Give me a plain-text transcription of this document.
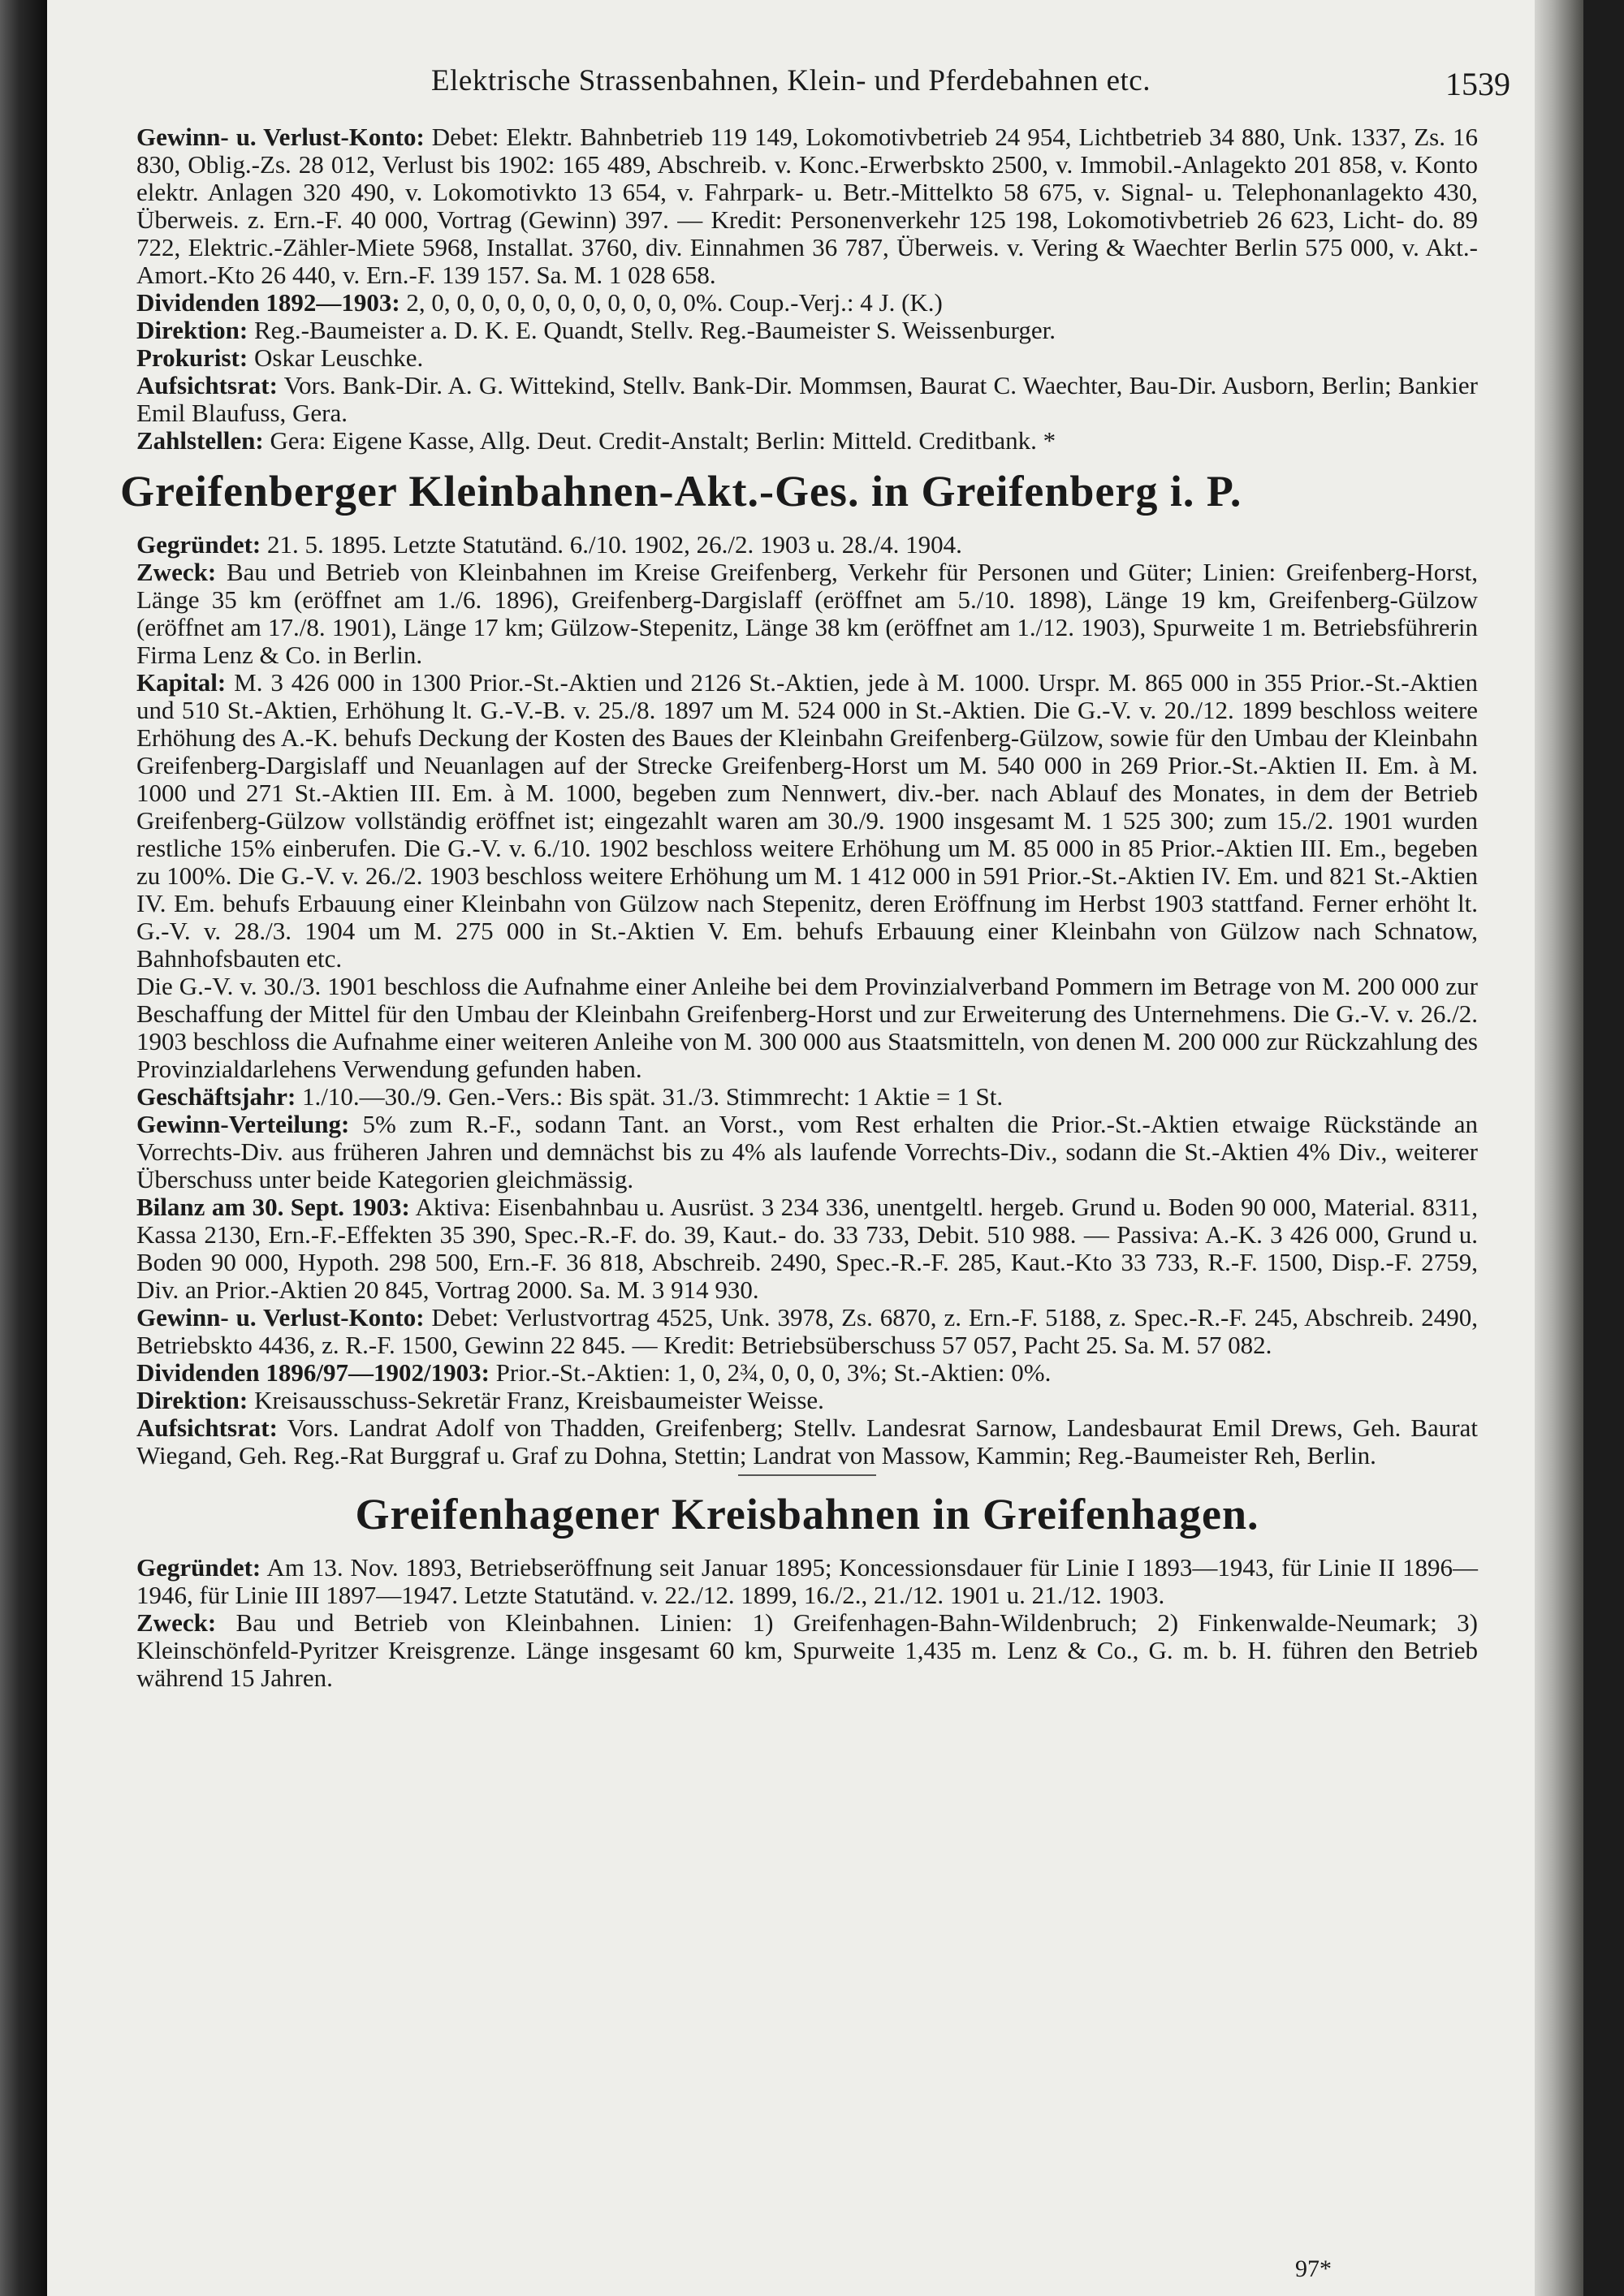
Elektrische Strassenbahnen, Klein- und Pferdebahnen etc.	1539

Gewinn- u. Verlust-Konto: Debet: Elektr. Bahnbetrieb 119 149, Lokomotivbetrieb 24 954, Lichtbetrieb 34 880, Unk. 1337, Zs. 16 830, Oblig.-Zs. 28 012, Verlust bis 1902: 165 489, Abschreib. v. Konc.-Erwerbskto 2500, v. Immobil.-Anlagekto 201 858, v. Konto elektr. Anlagen 320 490, v. Lokomotivkto 13 654, v. Fahrpark- u. Betr.-Mittelkto 58 675, v. Signal- u. Telephonanlagekto 430, Überweis. z. Ern.-F. 40 000, Vortrag (Gewinn) 397. — Kredit: Personenverkehr 125 198, Lokomotivbetrieb 26 623, Licht- do. 89 722, Elektric.-Zähler-Miete 5968, Installat. 3760, div. Einnahmen 36 787, Überweis. v. Vering & Waechter Berlin 575 000, v. Akt.-Amort.-Kto 26 440, v. Ern.-F. 139 157. Sa. M. 1 028 658.

Dividenden 1892—1903: 2, 0, 0, 0, 0, 0, 0, 0, 0, 0, 0, 0%. Coup.-Verj.: 4 J. (K.)

Direktion: Reg.-Baumeister a. D. K. E. Quandt, Stellv. Reg.-Baumeister S. Weissenburger.

Prokurist: Oskar Leuschke.

Aufsichtsrat: Vors. Bank-Dir. A. G. Wittekind, Stellv. Bank-Dir. Mommsen, Baurat C. Waechter, Bau-Dir. Ausborn, Berlin; Bankier Emil Blaufuss, Gera.

Zahlstellen: Gera: Eigene Kasse, Allg. Deut. Credit-Anstalt; Berlin: Mitteld. Creditbank. *

Greifenberger Kleinbahnen-Akt.-Ges. in Greifenberg i. P.

Gegründet: 21. 5. 1895. Letzte Statutänd. 6./10. 1902, 26./2. 1903 u. 28./4. 1904.

Zweck: Bau und Betrieb von Kleinbahnen im Kreise Greifenberg, Verkehr für Personen und Güter; Linien: Greifenberg-Horst, Länge 35 km (eröffnet am 1./6. 1896), Greifenberg-Dargislaff (eröffnet am 5./10. 1898), Länge 19 km, Greifenberg-Gülzow (eröffnet am 17./8. 1901), Länge 17 km; Gülzow-Stepenitz, Länge 38 km (eröffnet am 1./12. 1903), Spurweite 1 m. Betriebsführerin Firma Lenz & Co. in Berlin.

Kapital: M. 3 426 000 in 1300 Prior.-St.-Aktien und 2126 St.-Aktien, jede à M. 1000. Urspr. M. 865 000 in 355 Prior.-St.-Aktien und 510 St.-Aktien, Erhöhung lt. G.-V.-B. v. 25./8. 1897 um M. 524 000 in St.-Aktien. Die G.-V. v. 20./12. 1899 beschloss weitere Erhöhung des A.-K. behufs Deckung der Kosten des Baues der Kleinbahn Greifenberg-Gülzow, sowie für den Umbau der Kleinbahn Greifenberg-Dargislaff und Neuanlagen auf der Strecke Greifenberg-Horst um M. 540 000 in 269 Prior.-St.-Aktien II. Em. à M. 1000 und 271 St.-Aktien III. Em. à M. 1000, begeben zum Nennwert, div.-ber. nach Ablauf des Monates, in dem der Betrieb Greifenberg-Gülzow vollständig eröffnet ist; eingezahlt waren am 30./9. 1900 insgesamt M. 1 525 300; zum 15./2. 1901 wurden restliche 15% einberufen. Die G.-V. v. 6./10. 1902 beschloss weitere Erhöhung um M. 85 000 in 85 Prior.-Aktien III. Em., begeben zu 100%. Die G.-V. v. 26./2. 1903 beschloss weitere Erhöhung um M. 1 412 000 in 591 Prior.-St.-Aktien IV. Em. und 821 St.-Aktien IV. Em. behufs Erbauung einer Kleinbahn von Gülzow nach Stepenitz, deren Eröffnung im Herbst 1903 stattfand. Ferner erhöht lt. G.-V. v. 28./3. 1904 um M. 275 000 in St.-Aktien V. Em. behufs Erbauung einer Kleinbahn von Gülzow nach Schnatow, Bahnhofsbauten etc.

Die G.-V. v. 30./3. 1901 beschloss die Aufnahme einer Anleihe bei dem Provinzialverband Pommern im Betrage von M. 200 000 zur Beschaffung der Mittel für den Umbau der Kleinbahn Greifenberg-Horst und zur Erweiterung des Unternehmens. Die G.-V. v. 26./2. 1903 beschloss die Aufnahme einer weiteren Anleihe von M. 300 000 aus Staatsmitteln, von denen M. 200 000 zur Rückzahlung des Provinzialdarlehens Verwendung gefunden haben.

Geschäftsjahr: 1./10.—30./9. Gen.-Vers.: Bis spät. 31./3. Stimmrecht: 1 Aktie = 1 St.

Gewinn-Verteilung: 5% zum R.-F., sodann Tant. an Vorst., vom Rest erhalten die Prior.-St.-Aktien etwaige Rückstände an Vorrechts-Div. aus früheren Jahren und demnächst bis zu 4% als laufende Vorrechts-Div., sodann die St.-Aktien 4% Div., weiterer Überschuss unter beide Kategorien gleichmässig.

Bilanz am 30. Sept. 1903: Aktiva: Eisenbahnbau u. Ausrüst. 3 234 336, unentgeltl. hergeb. Grund u. Boden 90 000, Material. 8311, Kassa 2130, Ern.-F.-Effekten 35 390, Spec.-R.-F. do. 39, Kaut.- do. 33 733, Debit. 510 988. — Passiva: A.-K. 3 426 000, Grund u. Boden 90 000, Hypoth. 298 500, Ern.-F. 36 818, Abschreib. 2490, Spec.-R.-F. 285, Kaut.-Kto 33 733, R.-F. 1500, Disp.-F. 2759, Div. an Prior.-Aktien 20 845, Vortrag 2000. Sa. M. 3 914 930.

Gewinn- u. Verlust-Konto: Debet: Verlustvortrag 4525, Unk. 3978, Zs. 6870, z. Ern.-F. 5188, z. Spec.-R.-F. 245, Abschreib. 2490, Betriebskto 4436, z. R.-F. 1500, Gewinn 22 845. — Kredit: Betriebsüberschuss 57 057, Pacht 25. Sa. M. 57 082.

Dividenden 1896/97—1902/1903: Prior.-St.-Aktien: 1, 0, 2¾, 0, 0, 0, 3%; St.-Aktien: 0%.

Direktion: Kreisausschuss-Sekretär Franz, Kreisbaumeister Weisse.

Aufsichtsrat: Vors. Landrat Adolf von Thadden, Greifenberg; Stellv. Landesrat Sarnow, Landesbaurat Emil Drews, Geh. Baurat Wiegand, Geh. Reg.-Rat Burggraf u. Graf zu Dohna, Stettin; Landrat von Massow, Kammin; Reg.-Baumeister Reh, Berlin.

Greifenhagener Kreisbahnen in Greifenhagen.

Gegründet: Am 13. Nov. 1893, Betriebseröffnung seit Januar 1895; Koncessionsdauer für Linie I 1893—1943, für Linie II 1896—1946, für Linie III 1897—1947. Letzte Statutänd. v. 22./12. 1899, 16./2., 21./12. 1901 u. 21./12. 1903.

Zweck: Bau und Betrieb von Kleinbahnen. Linien: 1) Greifenhagen-Bahn-Wildenbruch; 2) Finkenwalde-Neumark; 3) Kleinschönfeld-Pyritzer Kreisgrenze. Länge insgesamt 60 km, Spurweite 1,435 m. Lenz & Co., G. m. b. H. führen den Betrieb während 15 Jahren.

97*
